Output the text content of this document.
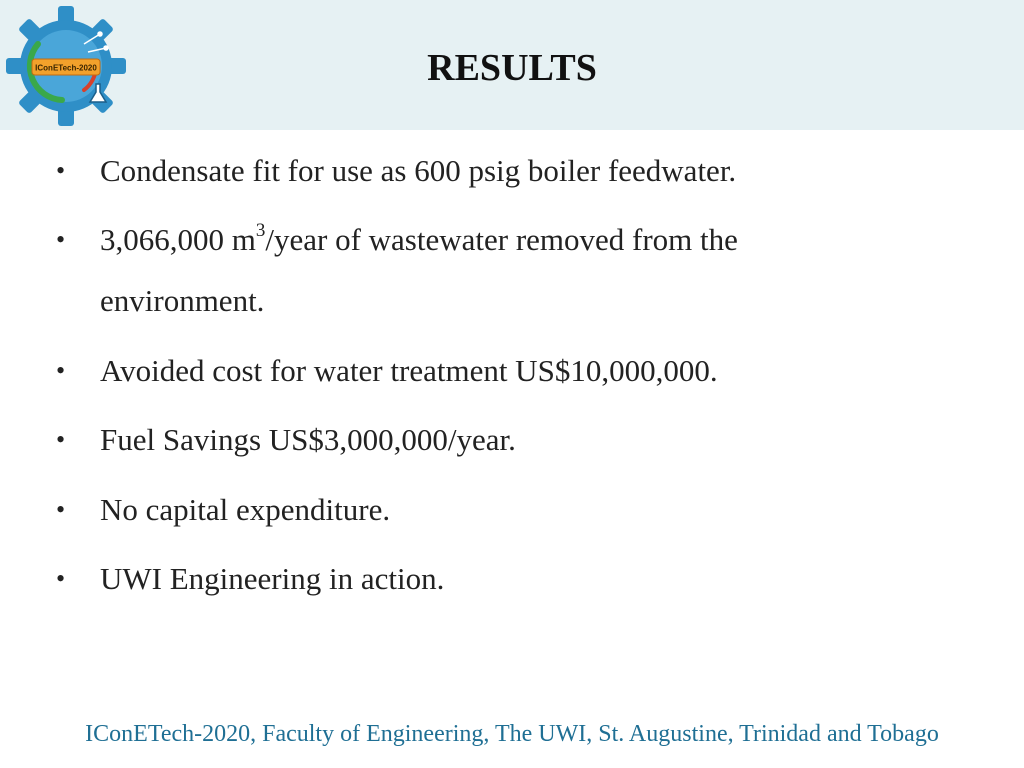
IConETech-2020	RESULTS
•	Condensate fit for use as 600 psig boiler feedwater.
•	3,066,000 $m^3$/year of wastewater removed from the
environment.
•	Avoided cost for water treatment US$10,000,000.
•	Fuel Savings US$3,000,000/year.
•	No capital expenditure.
•	UWI Engineering in action.
IConETech-2020, Faculty of Engineering, The UWI, St. Augustine, Trinidad and Tobago
